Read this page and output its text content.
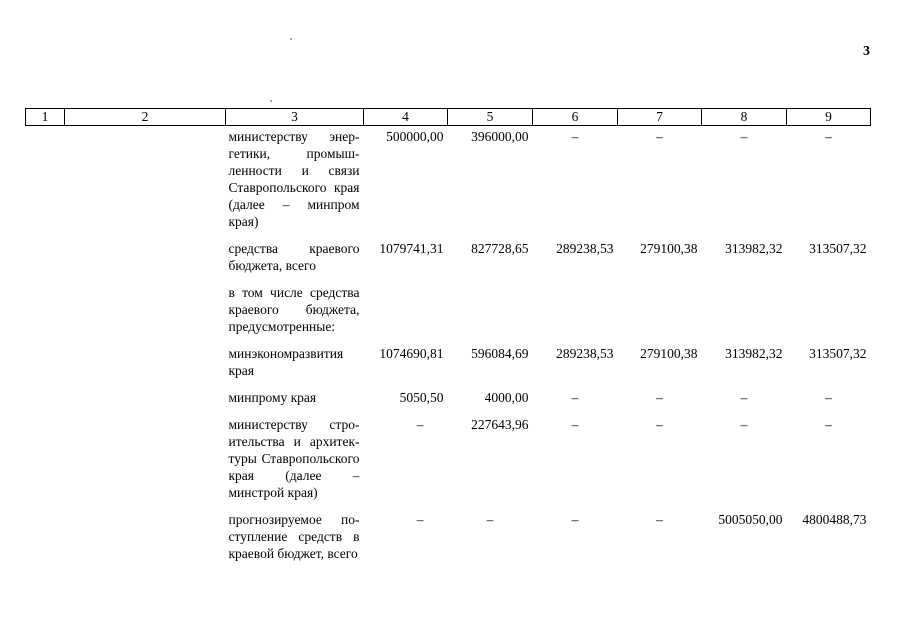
3
1	2	3	4	5	6	7	8	9
		министерству энергетики, промышленности и связи Ставропольского края (далее – минпром края)	500000,00	396000,00	–	–	–	–
		средства краевого бюджета, всего	1079741,31	827728,65	289238,53	279100,38	313982,32	313507,32
		в том числе средства краевого бюджета, предусмотренные:						
		минэкономразвития края	1074690,81	596084,69	289238,53	279100,38	313982,32	313507,32
		минпрому края	5050,50	4000,00	–	–	–	–
		министерству строительства и архитектуры Ставропольского края (далее – минстрой края)	–	227643,96	–	–	–	–
		прогнозируемое поступление средств в краевой бюджет, всего	–	–	–	–	5005050,00	4800488,73
